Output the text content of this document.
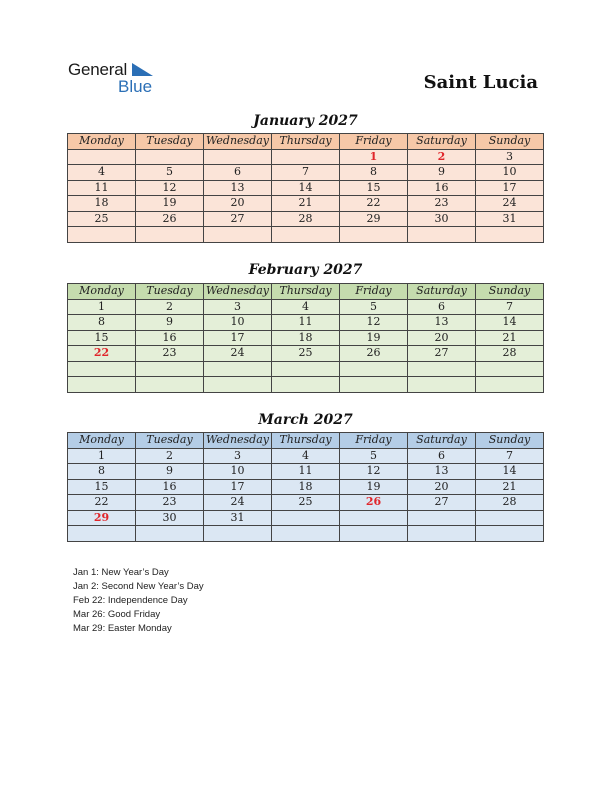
General
Blue	Saint Lucia
January 2027
Monday	Tuesday	Wednesday	Thursday	Friday	Saturday	Sunday
				1	2	3
4	5	6	7	8	9	10
11	12	13	14	15	16	17
18	19	20	21	22	23	24
25	26	27	28	29	30	31

February 2027
Monday	Tuesday	Wednesday	Thursday	Friday	Saturday	Sunday
1	2	3	4	5	6	7
8	9	10	11	12	13	14
15	16	17	18	19	20	21
22	23	24	25	26	27	28

March 2027
Monday	Tuesday	Wednesday	Thursday	Friday	Saturday	Sunday
1	2	3	4	5	6	7
8	9	10	11	12	13	14
15	16	17	18	19	20	21
22	23	24	25	26	27	28
29	30	31				

Jan 1: New Year’s Day
Jan 2: Second New Year’s Day
Feb 22: Independence Day
Mar 26: Good Friday
Mar 29: Easter Monday
